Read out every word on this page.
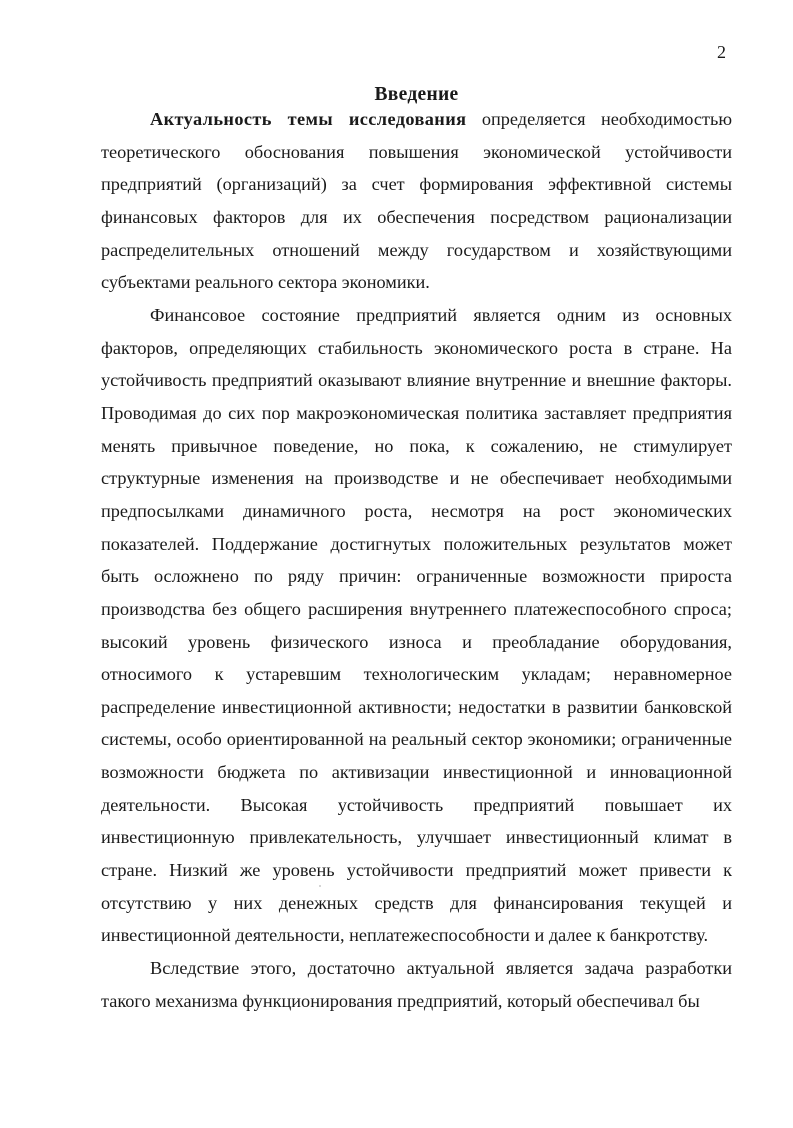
2
Введение

Актуальность темы исследования определяется необходимостью теоретического обоснования повышения экономической устойчивости предприятий (организаций) за счет формирования эффективной системы финансовых факторов для их обеспечения посредством рационализации распределительных отношений между государством и хозяйствующими субъектами реального сектора экономики.

Финансовое состояние предприятий является одним из основных факторов, определяющих стабильность экономического роста в стране. На устойчивость предприятий оказывают влияние внутренние и внешние факторы. Проводимая до сих пор макроэкономическая политика заставляет предприятия менять привычное поведение, но пока, к сожалению, не стимулирует структурные изменения на производстве и не обеспечивает необходимыми предпосылками динамичного роста, несмотря на рост экономических показателей. Поддержание достигнутых положительных результатов может быть осложнено по ряду причин: ограниченные возможности прироста производства без общего расширения внутреннего платежеспособного спроса; высокий уровень физического износа и преобладание оборудования, относимого к устаревшим технологическим укладам; неравномерное распределение инвестиционной активности; недостатки в развитии банковской системы, особо ориентированной на реальный сектор экономики; ограниченные возможности бюджета по активизации инвестиционной и инновационной деятельности. Высокая устойчивость предприятий повышает их инвестиционную привлекательность, улучшает инвестиционный климат в стране. Низкий же уровень устойчивости предприятий может привести к отсутствию у них денежных средств для финансирования текущей и инвестиционной деятельности, неплатежеспособности и далее к банкротству.

Вследствие этого, достаточно актуальной является задача разработки такого механизма функционирования предприятий, который обеспечивал бы
